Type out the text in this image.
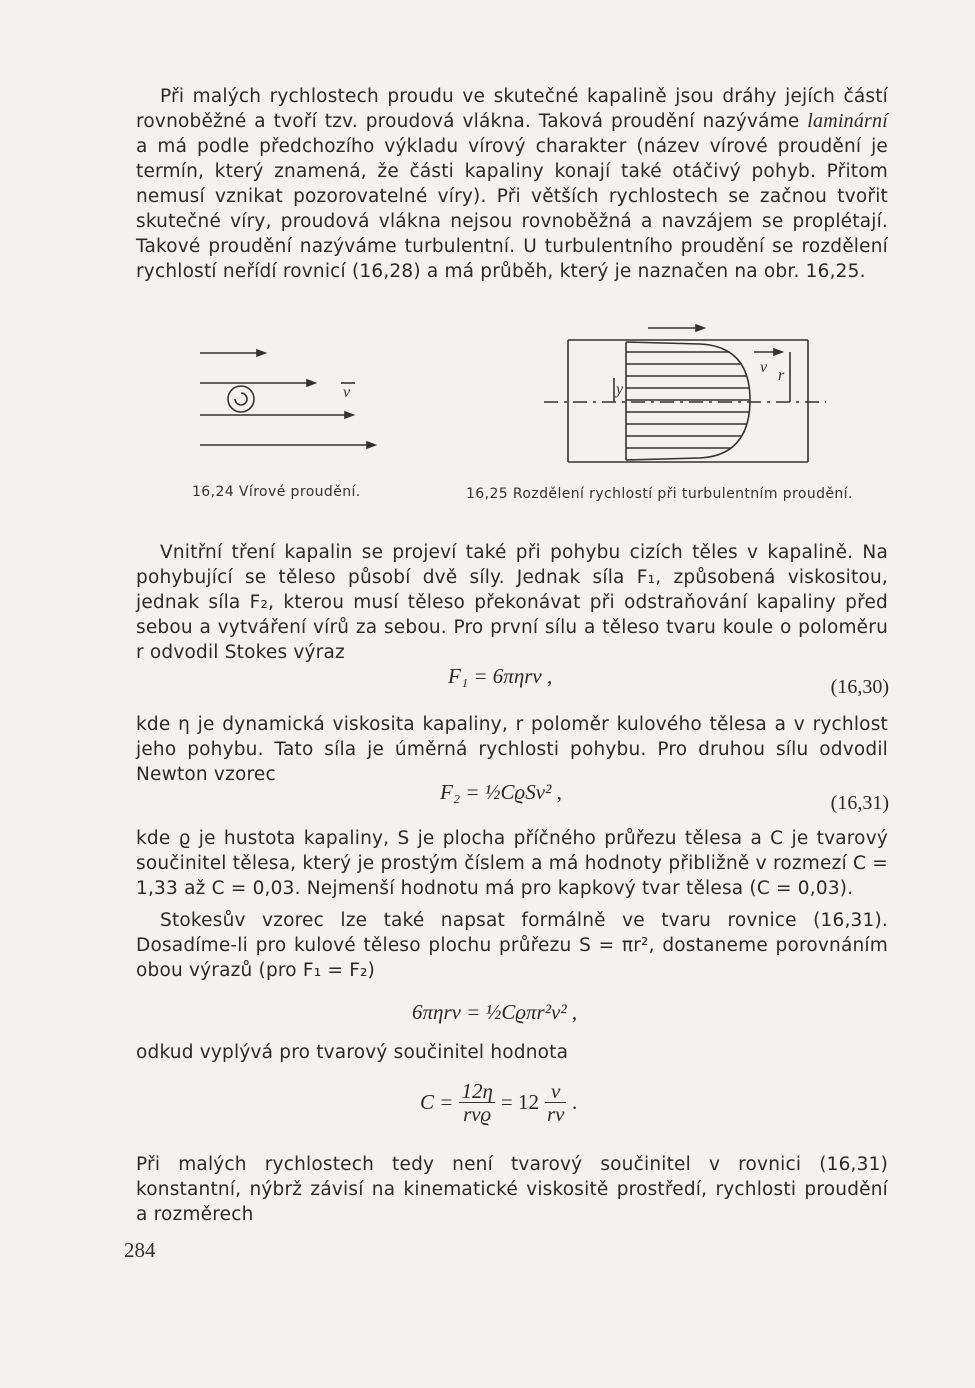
Při malých rychlostech proudu ve skutečné kapalině jsou dráhy jejích částí rovnoběžné a tvoří tzv. proudová vlákna. Taková proudění nazýváme laminární a má podle předchozího výkladu vírový charakter (název vírové proudění je termín, který znamená, že části kapaliny konají také otáčivý pohyb. Přitom nemusí vznikat pozorovatelné víry). Při větších rychlostech se začnou tvořit skutečné víry, proudová vlákna nejsou rovnoběžná a navzájem se proplétají. Takové proudění nazýváme turbulentní. U turbulentního proudění se rozdělení rychlostí neřídí rovnicí (16,28) a má průběh, který je naznačen na obr. 16,25.
v
16,24 Vírové proudění.
v r
y
16,25 Rozdělení rychlostí při turbulentním proudění.
Vnitřní tření kapalin se projeví také při pohybu cizích těles v kapalině. Na pohybující se těleso působí dvě síly. Jednak síla F₁, způsobená viskositou, jednak síla F₂, kterou musí těleso překonávat při odstraňování kapaliny před sebou a vytváření vírů za sebou. Pro první sílu a těleso tvaru koule o poloměru r odvodil Stokes výraz
F₁ = 6πηrv ,	(16,30)
kde η je dynamická viskosita kapaliny, r poloměr kulového tělesa a v rychlost jeho pohybu. Tato síla je úměrná rychlosti pohybu. Pro druhou sílu odvodil Newton vzorec
F₂ = ½CϱSv² ,	(16,31)
kde ϱ je hustota kapaliny, S je plocha příčného průřezu tělesa a C je tvarový součinitel tělesa, který je prostým číslem a má hodnoty přibližně v rozmezí C = 1,33 až C = 0,03. Nejmenší hodnotu má pro kapkový tvar tělesa (C = 0,03).
Stokesův vzorec lze také napsat formálně ve tvaru rovnice (16,31). Dosadíme-li pro kulové těleso plochu průřezu S = πr², dostaneme porovnáním obou výrazů (pro F₁ = F₂)
6πηrv = ½Cϱπr²v² ,
odkud vyplývá pro tvarový součinitel hodnota
$C = \frac{12\eta}{\text{rvϱ}} = 12 \frac{\nu}{rv}$ .
Při malých rychlostech tedy není tvarový součinitel v rovnici (16,31) konstantní, nýbrž závisí na kinematické viskositě prostředí, rychlosti proudění a rozměrech
284
